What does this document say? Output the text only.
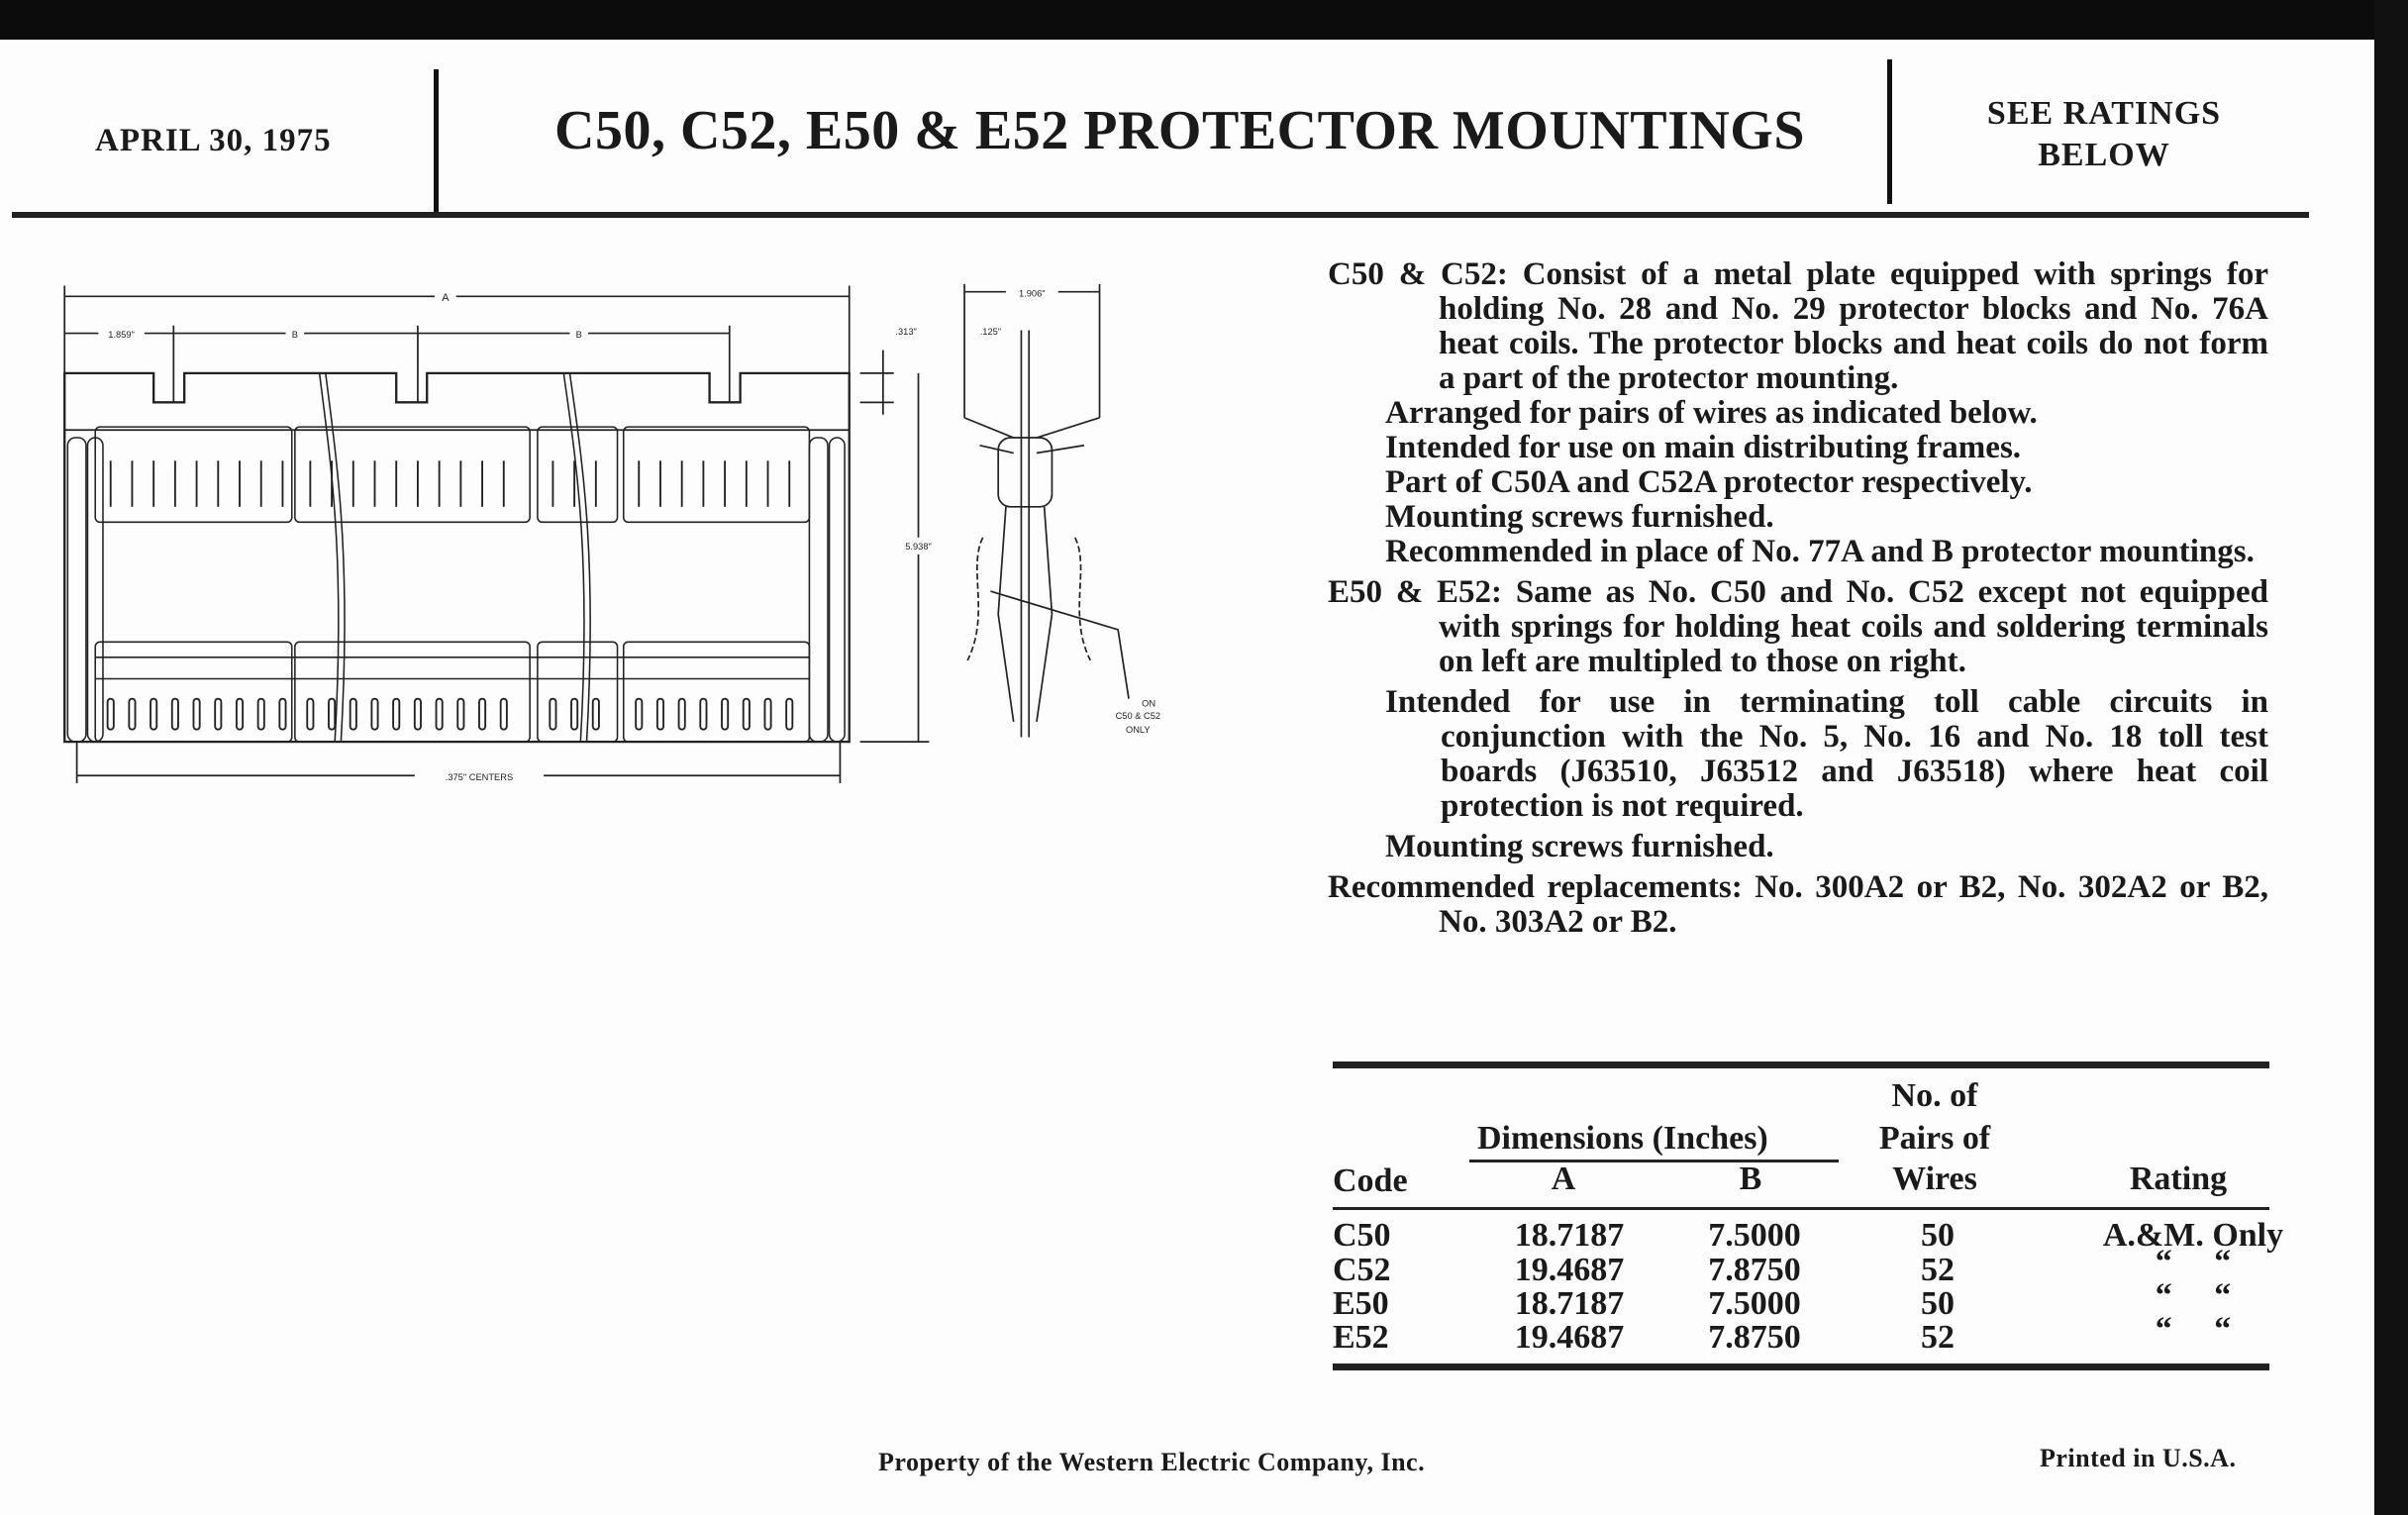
APRIL 30, 1975	C50, C52, E50 & E52 PROTECTOR MOUNTINGS	SEE RATINGS
BELOW
A
1.859"	B	B	.313"
5.938"
.375" CENTERS
1.906"
.125"
ON
C50 & C52
ONLY

C50 & C52: Consist of a metal plate equipped with springs for holding No. 28 and No. 29 protector blocks and No. 76A heat coils. The protector blocks and heat coils do not form a part of the protector mounting.

Arranged for pairs of wires as indicated below.

Intended for use on main distributing frames.

Part of C50A and C52A protector respectively.

Mounting screws furnished.

Recommended in place of No. 77A and B protector mountings.

E50 & E52: Same as No. C50 and No. C52 except not equipped with springs for holding heat coils and soldering terminals on left are multipled to those on right.

Intended for use in terminating toll cable circuits in conjunction with the No. 5, No. 16 and No. 18 toll test boards (J63510, J63512 and J63518) where heat coil protection is not required.

Mounting screws furnished.

Recommended replacements: No. 300A2 or B2, No. 302A2 or B2, No. 303A2 or B2.

No. of
Dimensions (Inches)	Pairs of
Code	A	B	Wires	Rating
C50	18.7187	7.5000	50	A.&M. Only
C52	19.4687	7.8750	52	“     “
E50	18.7187	7.5000	50	“     “
E52	19.4687	7.8750	52	“     “
Property of the Western Electric Company, Inc.	Printed in U.S.A.
